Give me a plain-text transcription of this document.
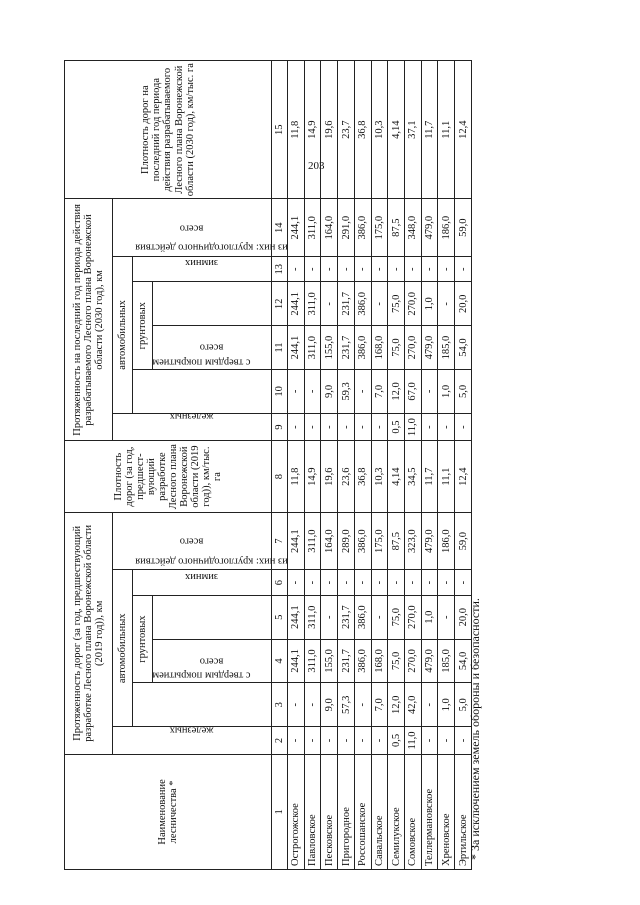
203
Наименование лесничества *	Протяженность дорог (за год, предшествующий разработке Лесного плана Воронежской области (2019 год)), км						Плотность дорог (за год, предшест-вующий разработке Лесного плана Воронежской области (2019 год)), км/тыс. га	Протяженность на последний год периода действия разрабатываемого Лесного плана Воронежской области (2030 год), км						Плотность дорог на последний год периода действия разрабатываемого Лесного плана Воронежской области (2030 год), км/тыс. га
	железных	автомобильных				всего		железных	автомобильных				всего	
		с твердым покрытием	грунтовых		зимних				с твердым покрытием	грунтовых		зимних		
			всего	из них: круглогодичного действия						всего	из них: круглогодичного действия			
1	2	3	4	5	6	7	8	9	10	11	12	13	14	15
Острогожское	-	-	244,1	244,1	-	244,1	11,8	-	-	244,1	244,1	-	244,1	11,8
Павловское	-	-	311,0	311,0	-	311,0	14,9	-	-	311,0	311,0	-	311,0	14,9
Песковское	-	9,0	155,0	-	-	164,0	19,6	-	9,0	155,0	-	-	164,0	19,6
Пригородное	-	57,3	231,7	231,7	-	289,0	23,6	-	59,3	231,7	231,7	-	291,0	23,7
Россошанское	-	-	386,0	386,0	-	386,0	36,8	-	-	386,0	386,0	-	386,0	36,8
Савальское	-	7,0	168,0	-	-	175,0	10,3	-	7,0	168,0	-	-	175,0	10,3
Семилукское	0,5	12,0	75,0	75,0	-	87,5	4,14	0,5	12,0	75,0	75,0	-	87,5	4,14
Сомовское	11,0	42,0	270,0	270,0	-	323,0	34,5	11,0	67,0	270,0	270,0	-	348,0	37,1
Теллермановское	-	-	479,0	1,0	-	479,0	11,7	-	-	479,0	1,0	-	479,0	11,7
Хреновское	-	1,0	185,0	-	-	186,0	11,1	-	1,0	185,0	-	-	186,0	11,1
Эртильское	-	5,0	54,0	20,0	-	59,0	12,4	-	5,0	54,0	20,0	-	59,0	12,4
* За исключением земель обороны и безопасности.
